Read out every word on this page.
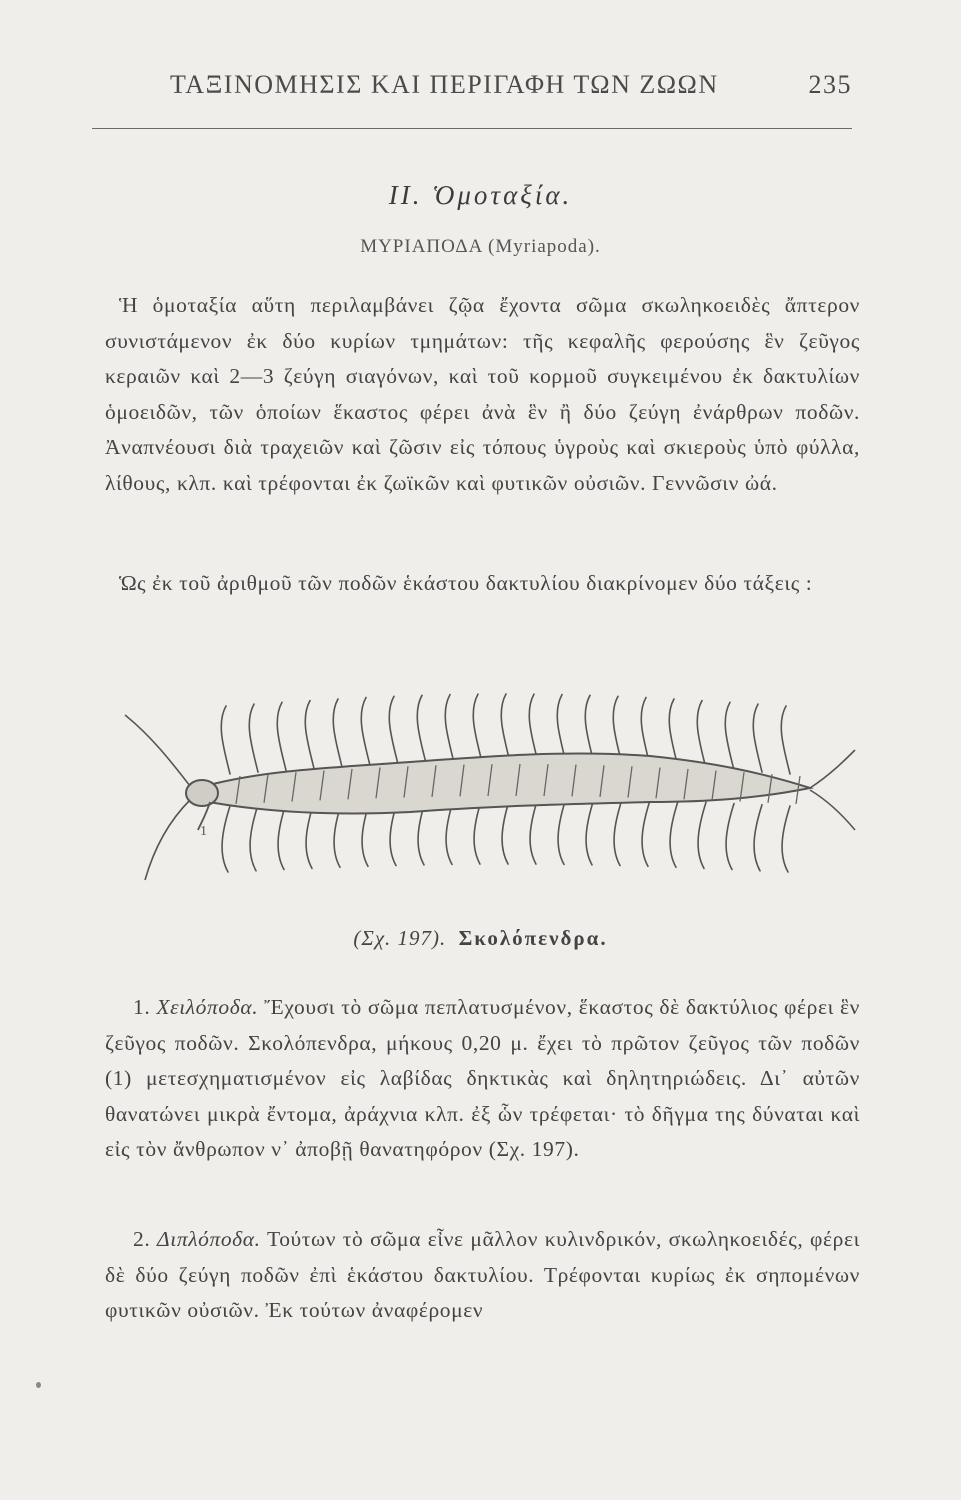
ΤΑΞΙΝΟΜΗΣΙΣ ΚΑΙ ΠΕΡΙΓΑΦΗ ΤΩΝ ΖΩΩΝ	235
II. Ὁμοταξία.
ΜΥΡΙΑΠΟΔΑ (Myriapoda).
Ἡ ὁμοταξία αὕτη περιλαμβάνει ζῷα ἔχοντα σῶμα σκωληκοειδὲς ἄπτερον συνιστάμενον ἐκ δύο κυρίων τμημάτων: τῆς κεφαλῆς φερούσης ἓν ζεῦγος κεραιῶν καὶ 2—3 ζεύγη σιαγόνων, καὶ τοῦ κορμοῦ συγκειμένου ἐκ δακτυλίων ὁμοειδῶν, τῶν ὁποίων ἕκαστος φέρει ἀνὰ ἓν ἢ δύο ζεύγη ἐνάρθρων ποδῶν. Ἀναπνέουσι διὰ τραχειῶν καὶ ζῶσιν εἰς τόπους ὑγροὺς καὶ σκιεροὺς ὑπὸ φύλλα, λίθους, κλπ. καὶ τρέφονται ἐκ ζωϊκῶν καὶ φυτικῶν οὐσιῶν. Γεννῶσιν ὠά.
Ὡς ἐκ τοῦ ἀριθμοῦ τῶν ποδῶν ἑκάστου δακτυλίου διακρίνομεν δύο τάξεις :
1
(Σχ. 197). Σκολόπενδρα.
1. Χειλόποδα. Ἔχουσι τὸ σῶμα πεπλατυσμένον, ἕκαστος δὲ δακτύλιος φέρει ἓν ζεῦγος ποδῶν. Σκολόπενδρα, μήκους 0,20 μ. ἔχει τὸ πρῶτον ζεῦγος τῶν ποδῶν (1) μετεσχηματισμένον εἰς λαβίδας δηκτικὰς καὶ δηλητηριώδεις. Δι᾽ αὐτῶν θανατώνει μικρὰ ἔντομα, ἀράχνια κλπ. ἐξ ὧν τρέφεται· τὸ δῆγμα της δύναται καὶ εἰς τὸν ἄνθρωπον ν᾽ ἀποβῇ θανατηφόρον (Σχ. 197).
2. Διπλόποδα. Τούτων τὸ σῶμα εἶνε μᾶλλον κυλινδρικόν, σκωληκοειδές, φέρει δὲ δύο ζεύγη ποδῶν ἐπὶ ἑκάστου δακτυλίου. Τρέφονται κυρίως ἐκ σηπομένων φυτικῶν οὐσιῶν. Ἐκ τούτων ἀναφέρομεν
